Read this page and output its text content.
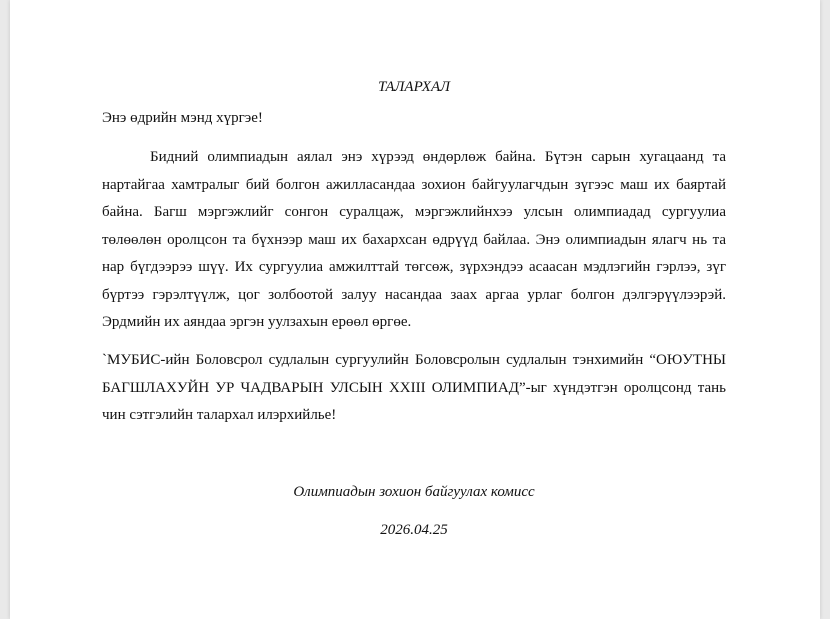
ТАЛАРХАЛ
Энэ өдрийн мэнд хүргэе!
Бидний олимпиадын аялал энэ хүрээд өндөрлөж байна. Бүтэн сарын хугацаанд та нартайгаа хамтралыг бий болгон ажилласандаа зохион байгуулагчдын зүгээс маш их баяртай байна. Багш мэргэжлийг сонгон суралцаж, мэргэжлийнхээ улсын олимпиадад сургуулиа төлөөлөн оролцсон та бүхнээр маш их бахархсан өдрүүд байлаа. Энэ олимпиадын ялагч нь та нар бүгдээрээ шүү. Их сургуулиа амжилттай төгсөж, зүрхэндээ асаасан мэдлэгийн гэрлээ, зүг бүртээ гэрэлтүүлж, цог золбоотой залуу насандаа заах аргаа урлаг болгон дэлгэрүүлээрэй. Эрдмийн их аяндаа эргэн уулзахын ерөөл өргөе.
`МУБИС-ийн Боловсрол судлалын сургуулийн Боловсролын судлалын тэнхимийн “ОЮУТНЫ БАГШЛАХУЙН УР ЧАДВАРЫН УЛСЫН XXIII ОЛИМПИАД”-ыг хүндэтгэн оролцсонд тань чин сэтгэлийн талархал илэрхийлье!
Олимпиадын зохион байгуулах комисс
2026.04.25
